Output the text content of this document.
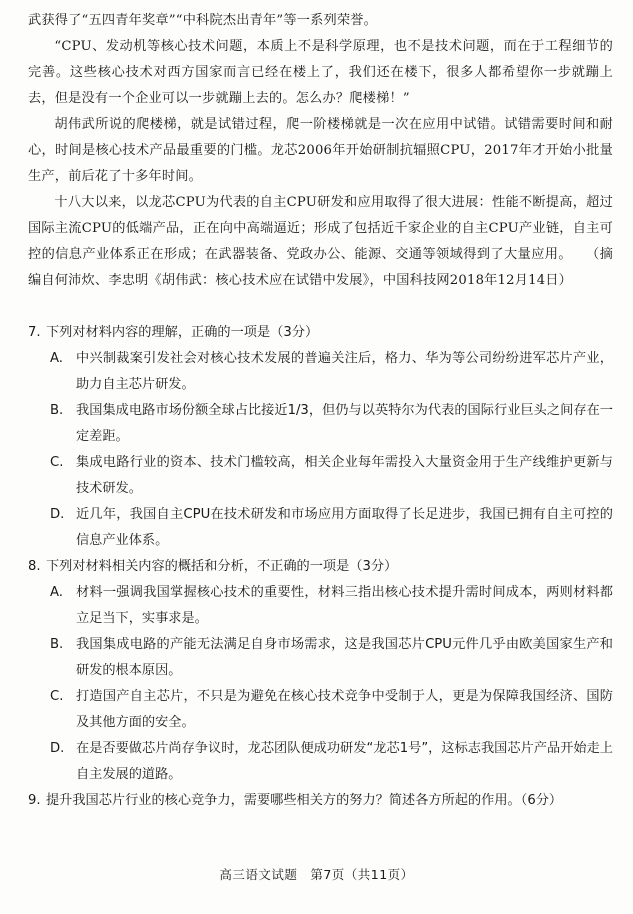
武获得了“五四青年奖章”“中科院杰出青年”等一系列荣誉。

“CPU、发动机等核心技术问题，本质上不是科学原理，也不是技术问题，而在于工程细节的完善。这些核心技术对西方国家而言已经在楼上了，我们还在楼下，很多人都希望你一步就蹦上去，但是没有一个企业可以一步就蹦上去的。怎么办？爬楼梯！”

胡伟武所说的爬楼梯，就是试错过程，爬一阶楼梯就是一次在应用中试错。试错需要时间和耐心，时间是核心技术产品最重要的门槛。龙芯2006年开始研制抗辐照CPU，2017年才开始小批量生产，前后花了十多年时间。

十八大以来，以龙芯CPU为代表的自主CPU研发和应用取得了很大进展：性能不断提高，超过国际主流CPU的低端产品，正在向中高端逼近；形成了包括近千家企业的自主CPU产业链，自主可控的信息产业体系正在形成；在武器装备、党政办公、能源、交通等领域得到了大量应用。　　（摘编自何沛炊、李忠明《胡伟武：核心技术应在试错中发展》，中国科技网2018年12月14日）

7. 下列对材料内容的理解，正确的一项是（3分）
A. 中兴制裁案引发社会对核心技术发展的普遍关注后，格力、华为等公司纷纷进军芯片产业，助力自主芯片研发。
B. 我国集成电路市场份额全球占比接近1/3，但仍与以英特尔为代表的国际行业巨头之间存在一定差距。
C. 集成电路行业的资本、技术门槛较高，相关企业每年需投入大量资金用于生产线维护更新与技术研发。
D. 近几年，我国自主CPU在技术研发和市场应用方面取得了长足进步，我国已拥有自主可控的信息产业体系。
8. 下列对材料相关内容的概括和分析，不正确的一项是（3分）
A. 材料一强调我国掌握核心技术的重要性，材料三指出核心技术提升需时间成本，两则材料都立足当下，实事求是。
B. 我国集成电路的产能无法满足自身市场需求，这是我国芯片CPU元件几乎由欧美国家生产和研发的根本原因。
C. 打造国产自主芯片，不只是为避免在核心技术竞争中受制于人，更是为保障我国经济、国防及其他方面的安全。
D. 在是否要做芯片尚存争议时，龙芯团队便成功研发“龙芯1号”，这标志我国芯片产品开始走上自主发展的道路。
9. 提升我国芯片行业的核心竞争力，需要哪些相关方的努力？简述各方所起的作用。（6分）
高三语文试题　第7页（共11页）
